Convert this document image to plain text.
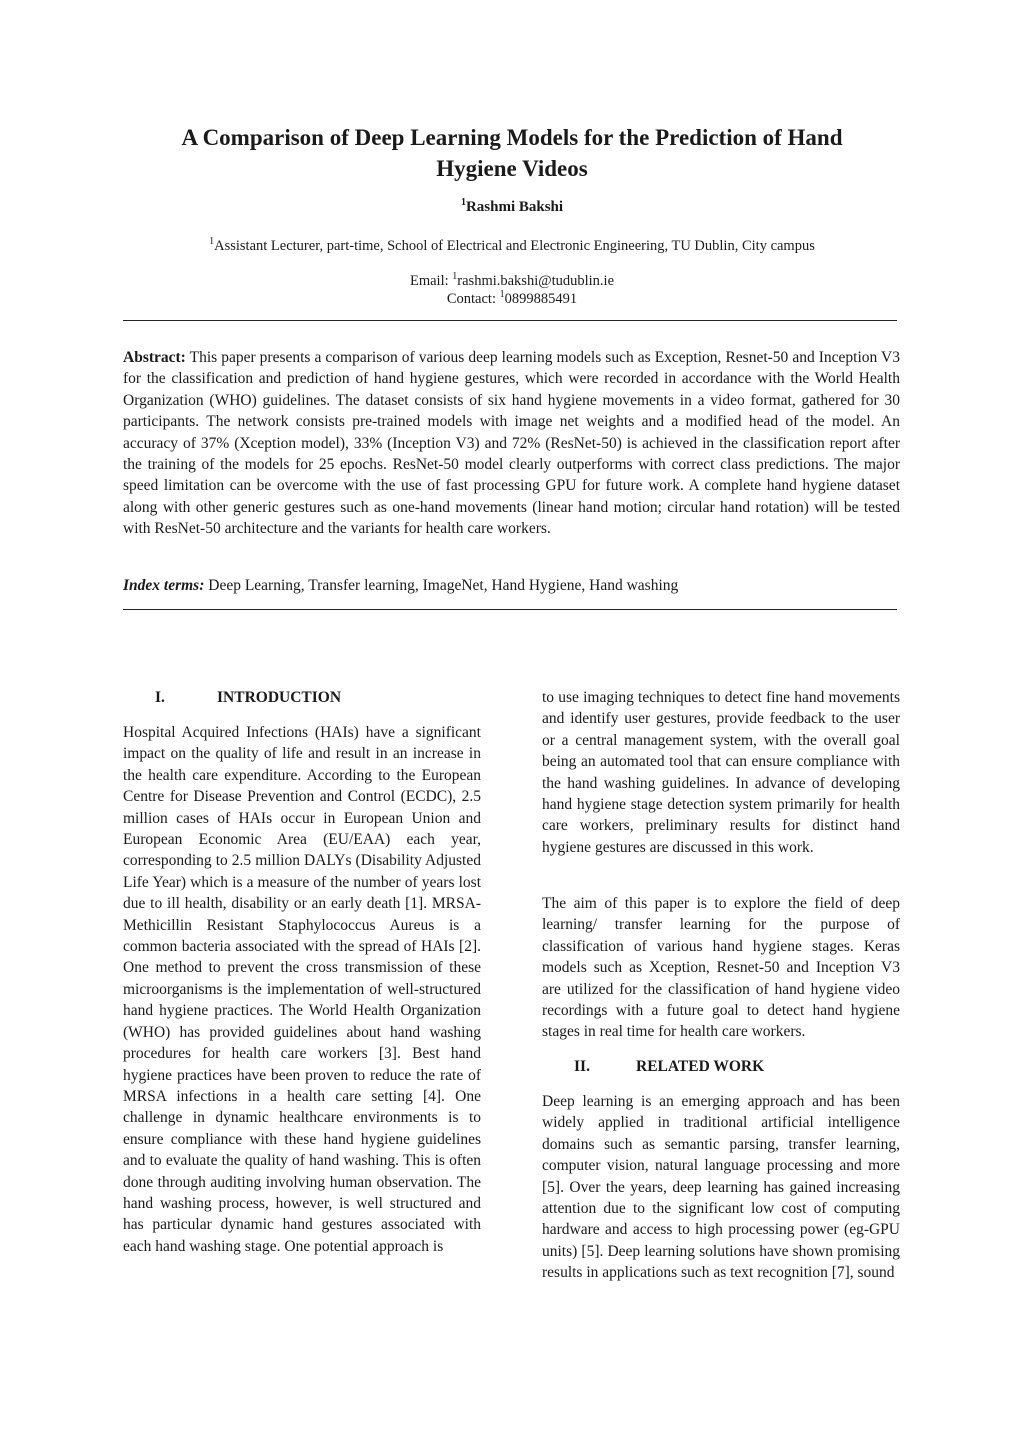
A Comparison of Deep Learning Models for the Prediction of Hand Hygiene Videos
$^1$Rashmi Bakshi
$^1$Assistant Lecturer, part-time, School of Electrical and Electronic Engineering, TU Dublin, City campus
Email: $^1$rashmi.bakshi@tudublin.ie
Contact: $^1$0899885491

Abstract: This paper presents a comparison of various deep learning models such as Exception, Resnet-50 and Inception V3 for the classification and prediction of hand hygiene gestures, which were recorded in accordance with the World Health Organization (WHO) guidelines. The dataset consists of six hand hygiene movements in a video format, gathered for 30 participants. The network consists pre-trained models with image net weights and a modified head of the model. An accuracy of 37% (Xception model), 33% (Inception V3) and 72% (ResNet-50) is achieved in the classification report after the training of the models for 25 epochs. ResNet-50 model clearly outperforms with correct class predictions. The major speed limitation can be overcome with the use of fast processing GPU for future work. A complete hand hygiene dataset along with other generic gestures such as one-hand movements (linear hand motion; circular hand rotation) will be tested with ResNet-50 architecture and the variants for health care workers.

Index terms: Deep Learning, Transfer learning, ImageNet, Hand Hygiene, Hand washing

I.	INTRODUCTION

Hospital Acquired Infections (HAIs) have a significant impact on the quality of life and result in an increase in the health care expenditure. According to the European Centre for Disease Prevention and Control (ECDC), 2.5 million cases of HAIs occur in European Union and European Economic Area (EU/EAA) each year, corresponding to 2.5 million DALYs (Disability Adjusted Life Year) which is a measure of the number of years lost due to ill health, disability or an early death [1]. MRSA-Methicillin Resistant Staphylococcus Aureus is a common bacteria associated with the spread of HAIs [2]. One method to prevent the cross transmission of these microorganisms is the implementation of well-structured hand hygiene practices. The World Health Organization (WHO) has provided guidelines about hand washing procedures for health care workers [3]. Best hand hygiene practices have been proven to reduce the rate of MRSA infections in a health care setting [4]. One challenge in dynamic healthcare environments is to ensure compliance with these hand hygiene guidelines and to evaluate the quality of hand washing. This is often done through auditing involving human observation. The hand washing process, however, is well structured and has particular dynamic hand gestures associated with each hand washing stage. One potential approach is

to use imaging techniques to detect fine hand movements and identify user gestures, provide feedback to the user or a central management system, with the overall goal being an automated tool that can ensure compliance with the hand washing guidelines. In advance of developing hand hygiene stage detection system primarily for health care workers, preliminary results for distinct hand hygiene gestures are discussed in this work.

The aim of this paper is to explore the field of deep learning/ transfer learning for the purpose of classification of various hand hygiene stages. Keras models such as Xception, Resnet-50 and Inception V3 are utilized for the classification of hand hygiene video recordings with a future goal to detect hand hygiene stages in real time for health care workers.

II.	RELATED WORK

Deep learning is an emerging approach and has been widely applied in traditional artificial intelligence domains such as semantic parsing, transfer learning, computer vision, natural language processing and more [5]. Over the years, deep learning has gained increasing attention due to the significant low cost of computing hardware and access to high processing power (eg-GPU units) [5]. Deep learning solutions have shown promising results in applications such as text recognition [7], sound
